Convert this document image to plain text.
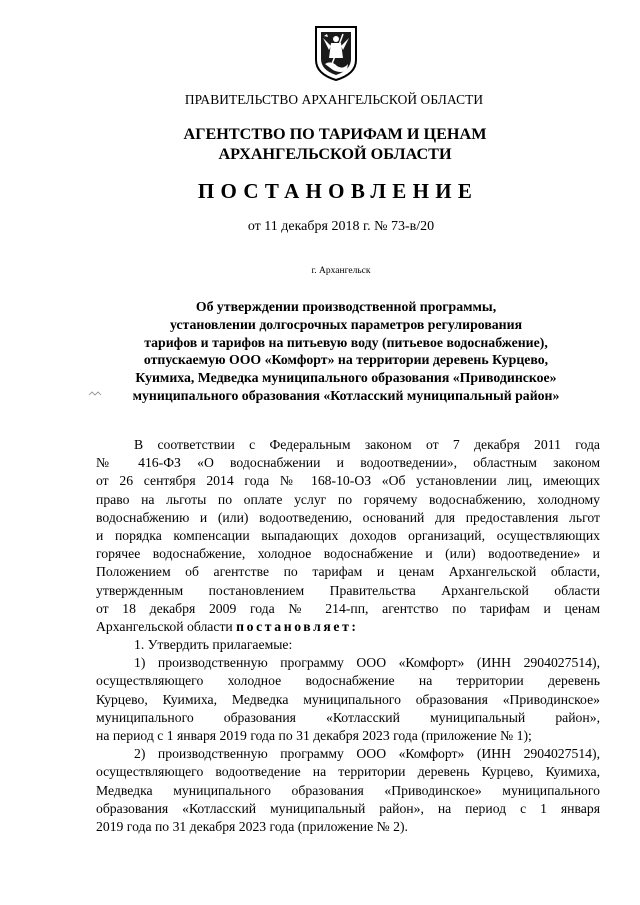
ПРАВИТЕЛЬСТВО АРХАНГЕЛЬСКОЙ ОБЛАСТИ
АГЕНТСТВО ПО ТАРИФАМ И ЦЕНАМ
АРХАНГЕЛЬСКОЙ ОБЛАСТИ
ПОСТАНОВЛЕНИЕ
от 11 декабря 2018 г. № 73-в/20
г. Архангельск
Об утверждении производственной программы,
установлении долгосрочных параметров регулирования
тарифов и тарифов на питьевую воду (питьевое водоснабжение),
отпускаемую ООО «Комфорт» на территории деревень Курцево,
Куимиха, Медведка муниципального образования «Приводинское»
муниципального образования «Котласский муниципальный район»
В соответствии с Федеральным законом от 7 декабря 2011 года
№ 416-ФЗ «О водоснабжении и водоотведении», областным законом
от 26 сентября 2014 года № 168-10-ОЗ «Об установлении лиц, имеющих
право на льготы по оплате услуг по горячему водоснабжению, холодному
водоснабжению и (или) водоотведению, оснований для предоставления льгот
и порядка компенсации выпадающих доходов организаций, осуществляющих
горячее водоснабжение, холодное водоснабжение и (или) водоотведение» и
Положением об агентстве по тарифам и ценам Архангельской области,
утвержденным постановлением Правительства Архангельской области
от 18 декабря 2009 года № 214-пп, агентство по тарифам и ценам
Архангельской области постановляет:
1. Утвердить прилагаемые:
1) производственную программу ООО «Комфорт» (ИНН 2904027514),
осуществляющего холодное водоснабжение на территории деревень
Курцево, Куимиха, Медведка муниципального образования «Приводинское»
муниципального образования «Котласский муниципальный район»,
на период с 1 января 2019 года по 31 декабря 2023 года (приложение № 1);
2) производственную программу ООО «Комфорт» (ИНН 2904027514),
осуществляющего водоотведение на территории деревень Курцево, Куимиха,
Медведка муниципального образования «Приводинское» муниципального
образования «Котласский муниципальный район», на период с 1 января
2019 года по 31 декабря 2023 года (приложение № 2).
